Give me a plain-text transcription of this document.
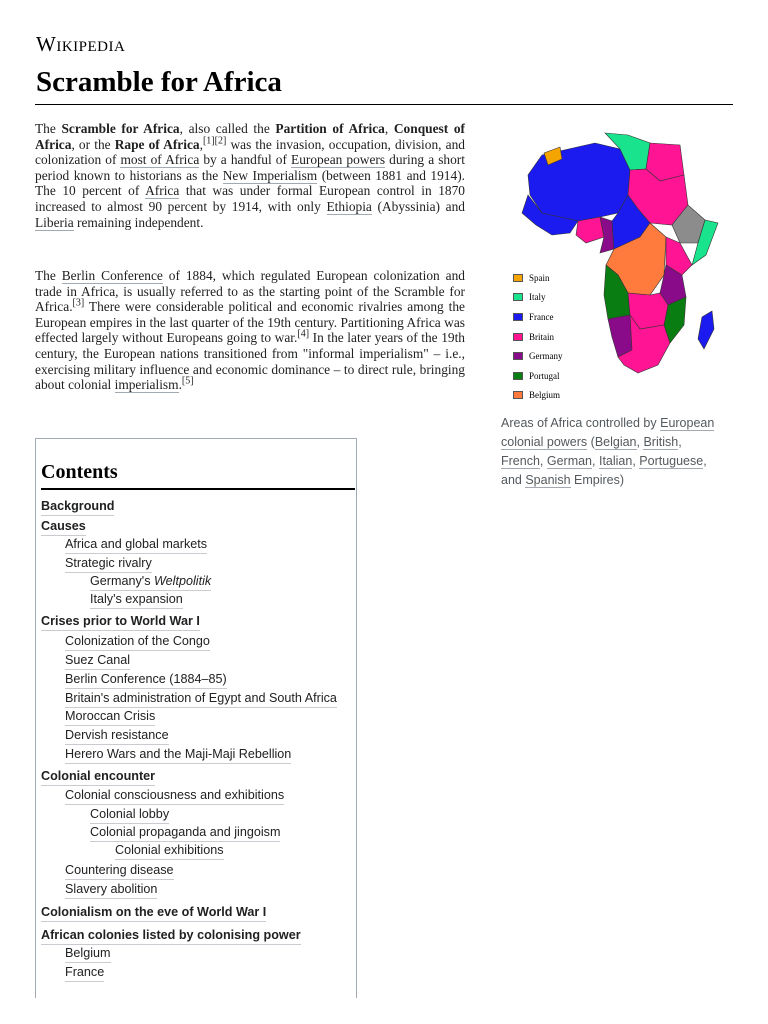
Wikipedia
Scramble for Africa

The Scramble for Africa, also called the Partition of Africa, Conquest of Africa, or the Rape of Africa,[1][2] was the invasion, occupation, division, and colonization of most of Africa by a handful of European powers during a short period known to historians as the New Imperialism (between 1881 and 1914). The 10 percent of Africa that was under formal European control in 1870 increased to almost 90 percent by 1914, with only Ethiopia (Abyssinia) and Liberia remaining independent.

The Berlin Conference of 1884, which regulated European colonization and trade in Africa, is usually referred to as the starting point of the Scramble for Africa.[3] There were considerable political and economic rivalries among the European empires in the last quarter of the 19th century. Partitioning Africa was effected largely without Europeans going to war.[4] In the later years of the 19th century, the European nations transitioned from "informal imperialism" – i.e., exercising military influence and economic dominance – to direct rule, bringing about colonial imperialism.[5]

Spain
Italy
France
Britain
Germany
Portugal
Belgium

Areas of Africa controlled by European colonial powers (Belgian, British, French, German, Italian, Portuguese, and Spanish Empires)

Contents
Background
Causes
Africa and global markets
Strategic rivalry
Germany's Weltpolitik
Italy's expansion
Crises prior to World War I
Colonization of the Congo
Suez Canal
Berlin Conference (1884–85)
Britain's administration of Egypt and South Africa
Moroccan Crisis
Dervish resistance
Herero Wars and the Maji-Maji Rebellion
Colonial encounter
Colonial consciousness and exhibitions
Colonial lobby
Colonial propaganda and jingoism
Colonial exhibitions
Countering disease
Slavery abolition
Colonialism on the eve of World War I
African colonies listed by colonising power
Belgium
France
